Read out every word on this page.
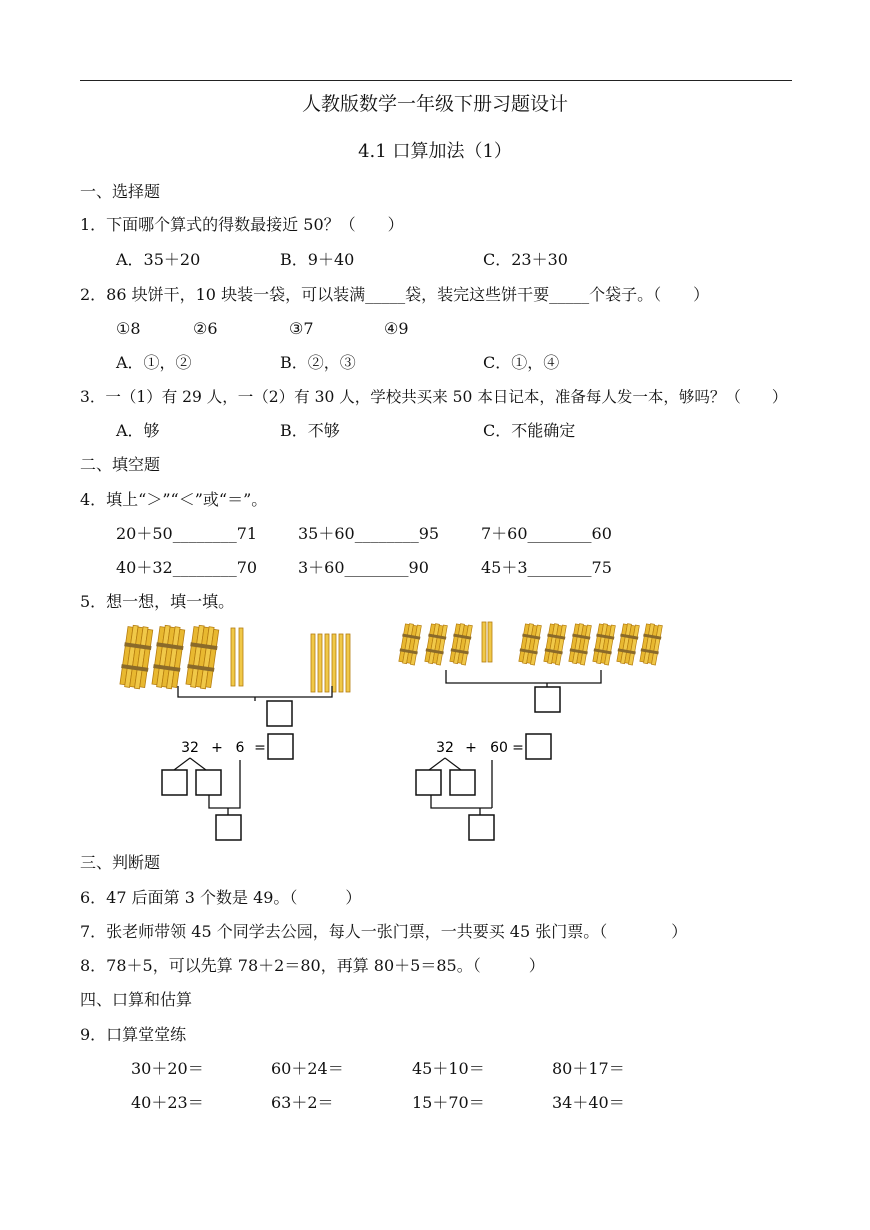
人教版数学一年级下册习题设计
4.1 口算加法（1）
一、选择题
1．下面哪个算式的得数最接近 50？（　　）
A．35＋20	B．9＋40	C．23＋30
2．86 块饼干，10 块装一袋，可以装满_____袋，装完这些饼干要_____个袋子。（　　）
①8	②6	③7	④9
A．①，②	B．②，③	C．①，④
3．一（1）有 29 人，一（2）有 30 人，学校共买来 50 本日记本，准备每人发一本，够吗？（　　）
A．够	B．不够	C．不能确定
二、填空题
4．填上“＞”“＜”或“＝”。
20＋50________71	35＋60________95	7＋60________60
40＋32________70	3＋60________90	45＋3________75
5．想一想，填一填。
32 + 6 =	32 + 60 =
三、判断题
6．47 后面第 3 个数是 49。（　　　）
7．张老师带领 45 个同学去公园，每人一张门票，一共要买 45 张门票。（　　　　）
8．78＋5，可以先算 78＋2＝80，再算 80＋5＝85。（　　　）
四、口算和估算
9．口算堂堂练
30＋20＝	60＋24＝	45＋10＝	80＋17＝
40＋23＝	63＋2＝	15＋70＝	34＋40＝
